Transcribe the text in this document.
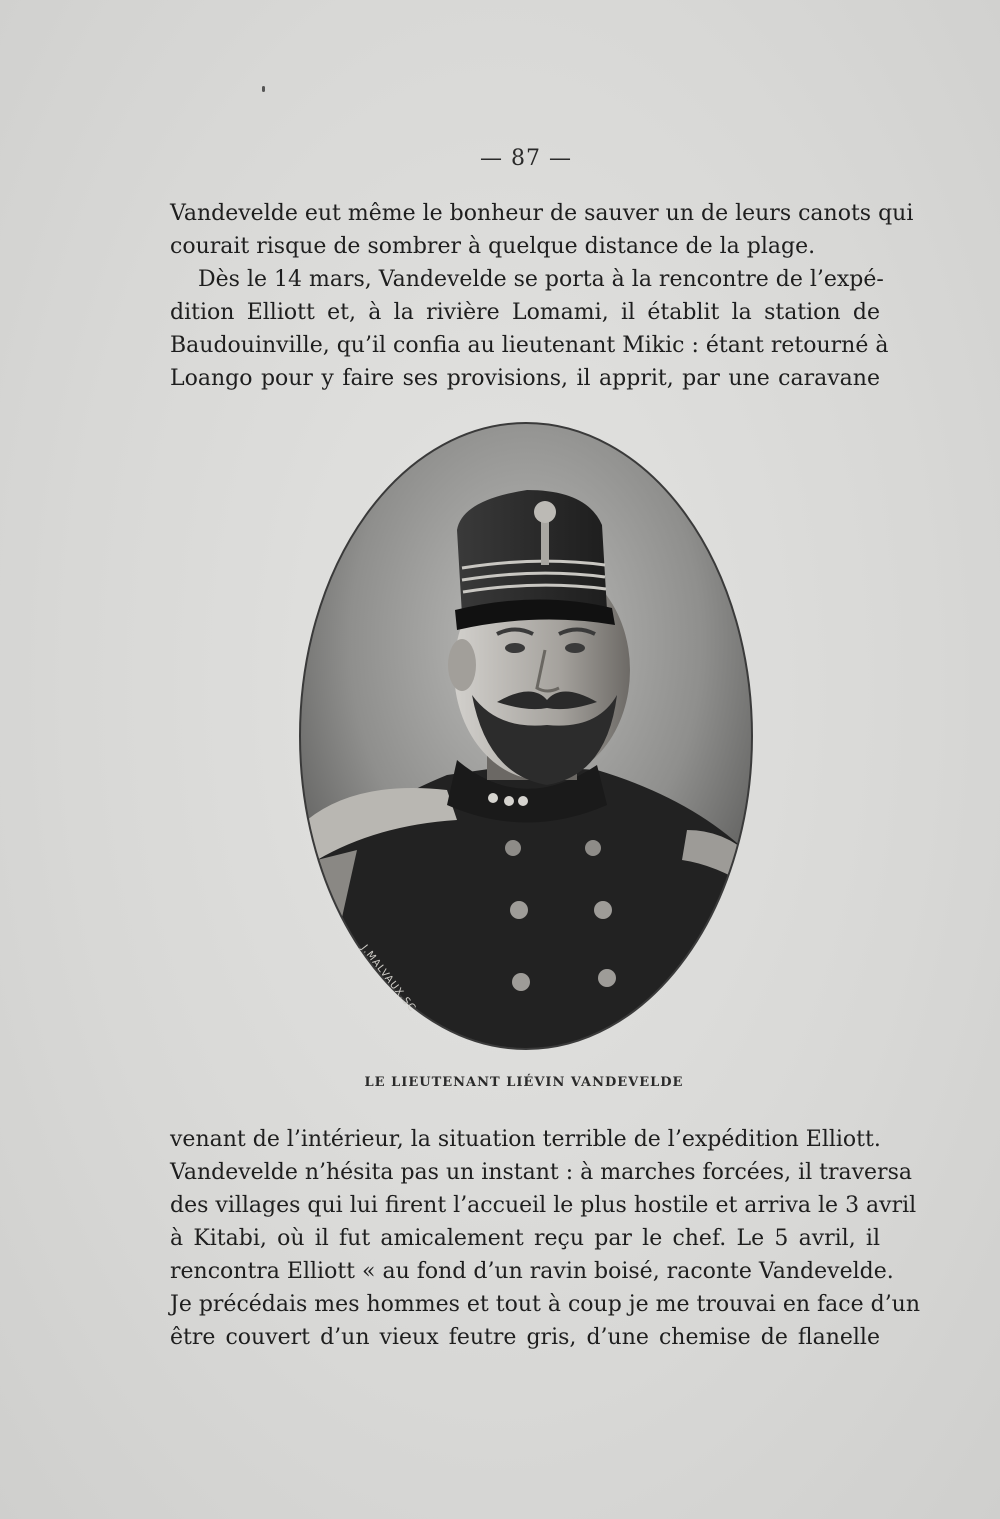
— 87 —
Vandevelde eut même le bonheur de sauver un de leurs canots qui
courait risque de sombrer à quelque distance de la plage.
Dès le 14 mars, Vandevelde se porta à la rencontre de l’expé-
dition Elliott et, à la rivière Lomami, il établit la station de
Baudouinville, qu’il confia au lieutenant Mikic : étant retourné à
Loango pour y faire ses provisions, il apprit, par une caravane
J.MALVAUX.SC
LE LIEUTENANT LIÉVIN VANDEVELDE
venant de l’intérieur, la situation terrible de l’expédition Elliott.
Vandevelde n’hésita pas un instant : à marches forcées, il traversa
des villages qui lui firent l’accueil le plus hostile et arriva le 3 avril
à Kitabi, où il fut amicalement reçu par le chef. Le 5 avril, il
rencontra Elliott « au fond d’un ravin boisé, raconte Vandevelde.
Je précédais mes hommes et tout à coup je me trouvai en face d’un
être couvert d’un vieux feutre gris, d’une chemise de flanelle
